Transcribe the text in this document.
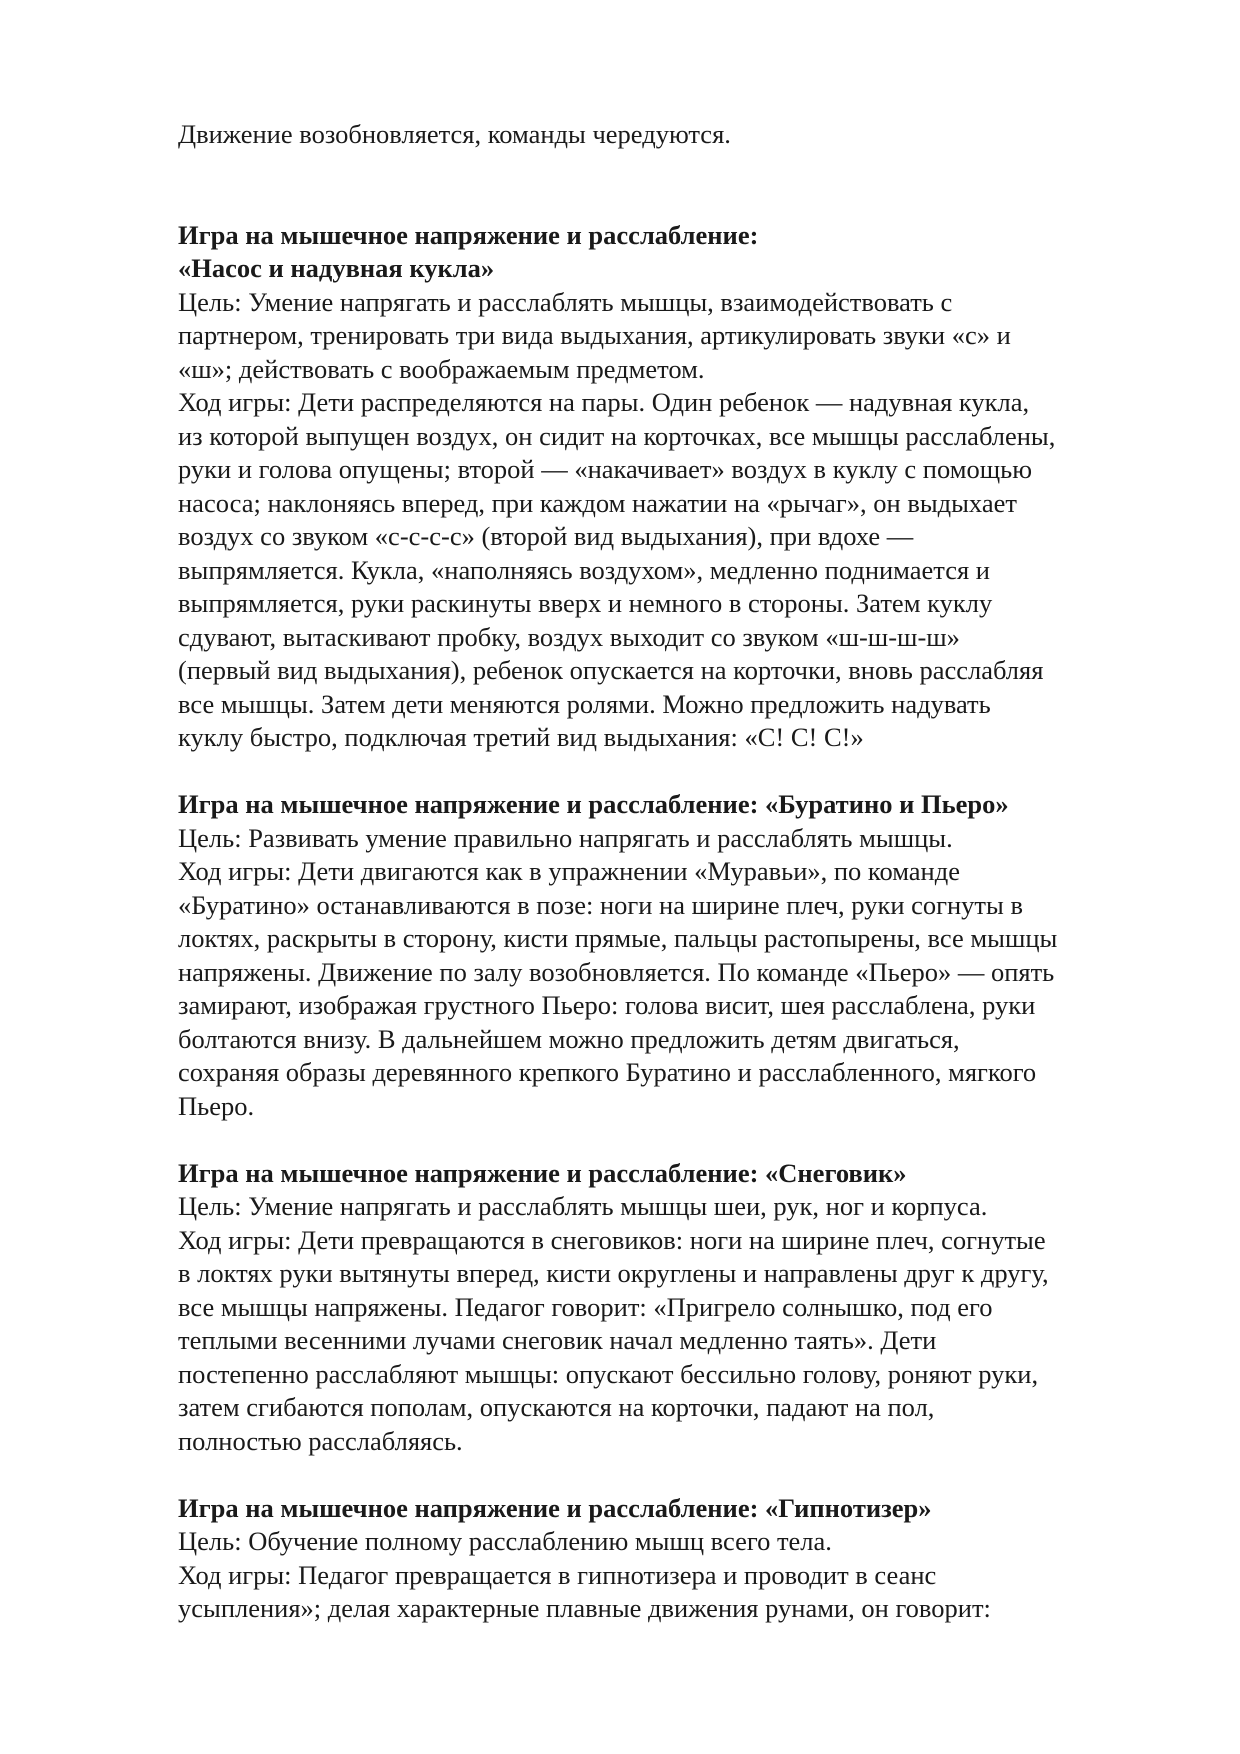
Движение возобновляется, команды чередуются.

Игра на мышечное напряжение и расслабление:
«Насос и надувная кукла»

Цель: Умение напрягать и расслаблять мышцы, взаимодействовать с
партнером, тренировать три вида выдыхания, артикулировать звуки «с» и
«ш»; действовать с воображаемым предметом.
Ход игры: Дети распределяются на пары. Один ребенок — надувная кукла,
из которой выпущен воздух, он сидит на корточках, все мышцы расслаблены,
руки и голова опущены; второй — «накачивает» воздух в куклу с помощью
насоса; наклоняясь вперед, при каждом нажатии на «рычаг», он выдыхает
воздух со звуком «с-с-с-с» (второй вид выдыхания), при вдохе —
выпрямляется. Кукла, «наполняясь воздухом», медленно поднимается и
выпрямляется, руки раскинуты вверх и немного в стороны. Затем куклу
сдувают, вытаскивают пробку, воздух выходит со звуком «ш-ш-ш-ш»
(первый вид выдыхания), ребенок опускается на корточки, вновь расслабляя
все мышцы. Затем дети меняются ролями. Можно предложить надувать
куклу быстро, подключая третий вид выдыхания: «С! С! С!»

Игра на мышечное напряжение и расслабление: «Буратино и Пьеро»

Цель: Развивать умение правильно напрягать и расслаблять мышцы.
Ход игры: Дети двигаются как в упражнении «Муравьи», по команде
«Буратино» останавливаются в позе: ноги на ширине плеч, руки согнуты в
локтях, раскрыты в сторону, кисти прямые, пальцы растопырены, все мышцы
напряжены. Движение по залу возобновляется. По команде «Пьеро» — опять
замирают, изображая грустного Пьеро: голова висит, шея расслаблена, руки
болтаются внизу. В дальнейшем можно предложить детям двигаться,
сохраняя образы деревянного крепкого Буратино и расслабленного, мягкого
Пьеро.

Игра на мышечное напряжение и расслабление: «Снеговик»

Цель: Умение напрягать и расслаблять мышцы шеи, рук, ног и корпуса.
Ход игры: Дети превращаются в снеговиков: ноги на ширине плеч, согнутые
в локтях руки вытянуты вперед, кисти округлены и направлены друг к другу,
все мышцы напряжены. Педагог говорит: «Пригрело солнышко, под его
теплыми весенними лучами снеговик начал медленно таять». Дети
постепенно расслабляют мышцы: опускают бессильно голову, роняют руки,
затем сгибаются пополам, опускаются на корточки, падают на пол,
полностью расслабляясь.

Игра на мышечное напряжение и расслабление: «Гипнотизер»

Цель: Обучение полному расслаблению мышц всего тела.
Ход игры: Педагог превращается в гипнотизера и проводит в сеанс
усыпления»; делая характерные плавные движения рунами, он говорит:
